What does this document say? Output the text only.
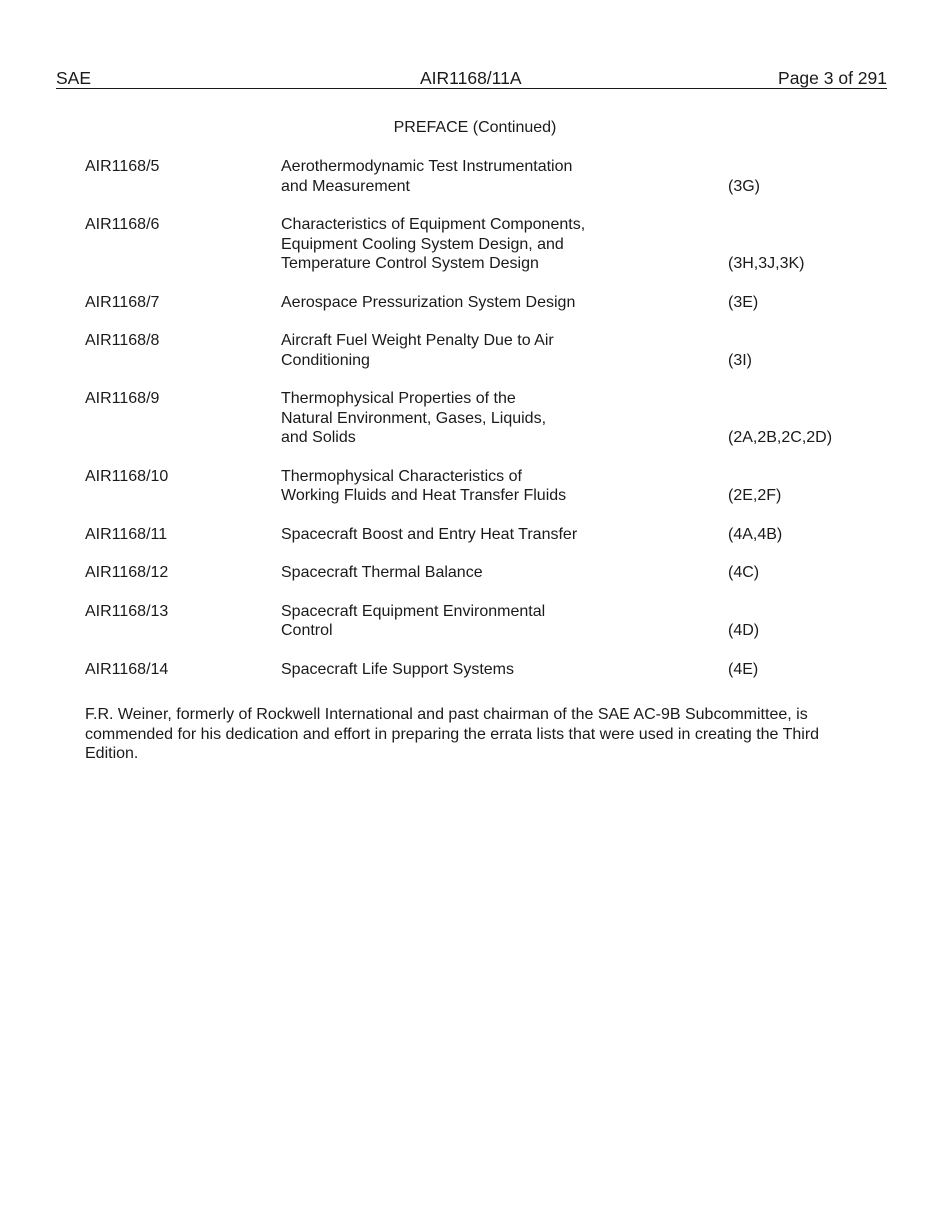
SAE	AIR1168/11A	Page 3 of 291
PREFACE (Continued)
AIR1168/5	Aerothermodynamic Test Instrumentation
and Measurement	(3G)
AIR1168/6	Characteristics of Equipment Components,
Equipment Cooling System Design, and
Temperature Control System Design	(3H,3J,3K)
AIR1168/7	Aerospace Pressurization System Design	(3E)
AIR1168/8	Aircraft Fuel Weight Penalty Due to Air
Conditioning	(3I)
AIR1168/9	Thermophysical Properties of the
Natural Environment, Gases, Liquids,
and Solids	(2A,2B,2C,2D)
AIR1168/10	Thermophysical Characteristics of
Working Fluids and Heat Transfer Fluids	(2E,2F)
AIR1168/11	Spacecraft Boost and Entry Heat Transfer	(4A,4B)
AIR1168/12	Spacecraft Thermal Balance	(4C)
AIR1168/13	Spacecraft Equipment Environmental
Control	(4D)
AIR1168/14	Spacecraft Life Support Systems	(4E)
F.R. Weiner, formerly of Rockwell International and past chairman of the SAE AC-9B Subcommittee, is commended for his dedication and effort in preparing the errata lists that were used in creating the Third Edition.
